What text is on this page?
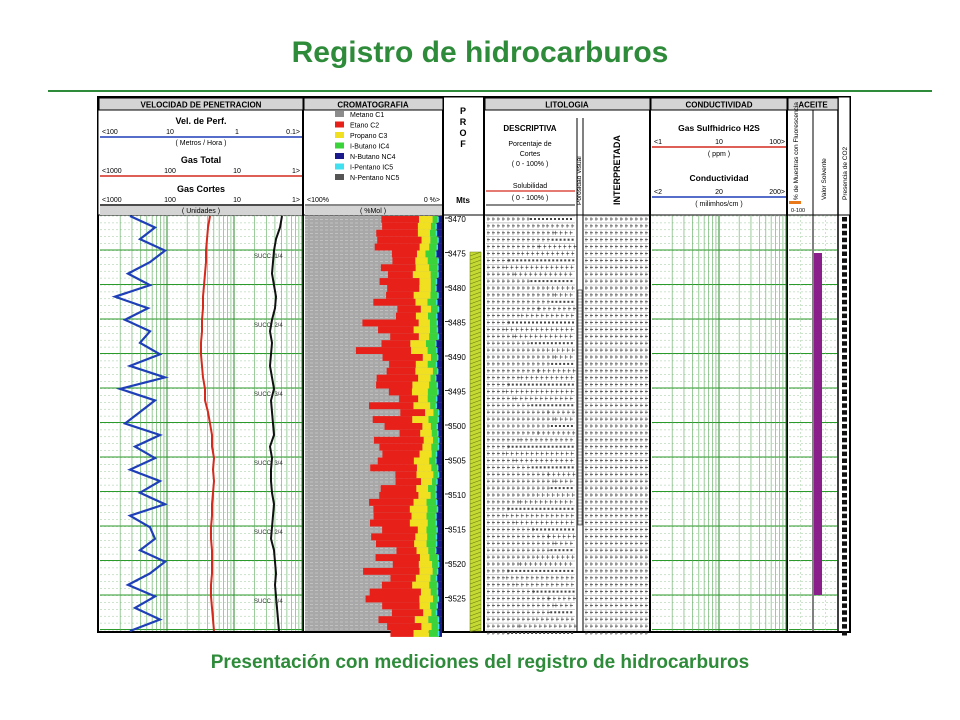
Registro de hidrocarburos
VELOCIDAD DE PENETRACION	CROMATOGRAFIA	LITOLOGIA	CONDUCTIVIDAD	ACEITE
Vel. de Perf.
<100	10	1	0.1>
( Metros / Hora )
Gas Total
<1000	100	10	1>
Gas Cortes
<1000	100	10	1>
( Unidades )
Metano C1
Etano C2
Propano C3
I-Butano IC4
N-Butano NC4
I-Pentano IC5
N-Pentano NC5
<100%	0 %>
( %Mol )
P
R
O
F
Mts
DESCRIPTIVA
Porcentaje de
Cortes
( 0 - 100% )
Solubilidad
( 0 - 100% )	Porosidad Visual	INTERPRETADA
Gas Sulfhidrico H2S
<1	10	100>
( ppm )
Conductividad
<2	20	200>
( milimhos/cm )
% de Muestras con Fluorescencia	Valor Solvente Presencia de CO2
0-100
3470
3475
3480
3485
3490
3495
3500
3505
3510
3515
3520
3525
SUCC. 1/4
SUCC. 2/4
SUCC. 3/4
SUCC. 3/4
SUCC. 2/4
SUCC. 1/4
Presentación con mediciones del registro de hidrocarburos
